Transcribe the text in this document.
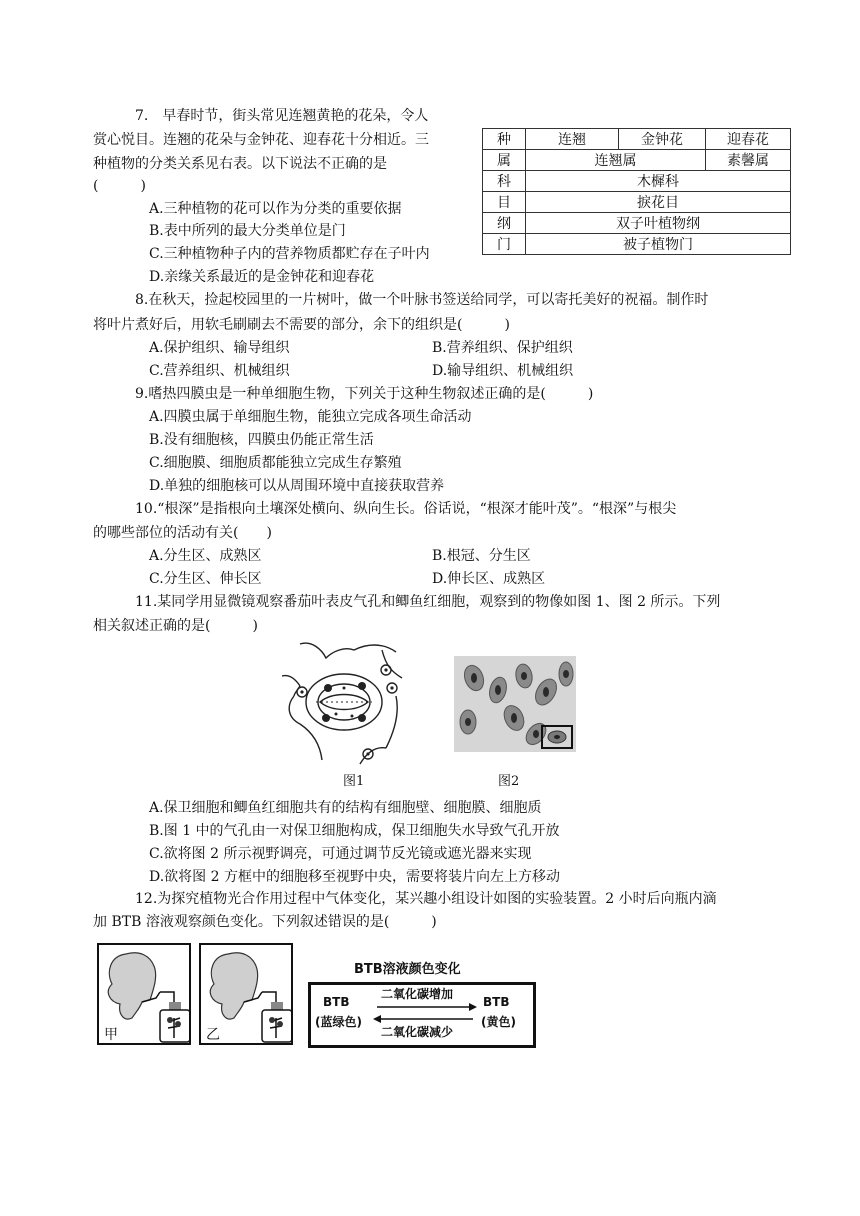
7.　早春时节，街头常见连翘黄艳的花朵，令人
赏心悦目。连翘的花朵与金钟花、迎春花十分相近。三
种植物的分类关系见右表。以下说法不正确的是
(　　　)
A.三种植物的花可以作为分类的重要依据
B.表中所列的最大分类单位是门
C.三种植物种子内的营养物质都贮存在子叶内
D.亲缘关系最近的是金钟花和迎春花
种	连翘	金钟花	迎春花
属	连翘属		素馨属
科	木樨科		
目	捩花目		
纲	双子叶植物纲		
门	被子植物门		
8.在秋天，捡起校园里的一片树叶，做一个叶脉书签送给同学，可以寄托美好的祝福。制作时
将叶片煮好后，用软毛刷刷去不需要的部分，余下的组织是(　　　)
A.保护组织、输导组织	B.营养组织、保护组织
C.营养组织、机械组织	D.输导组织、机械组织
9.嗜热四膜虫是一种单细胞生物，下列关于这种生物叙述正确的是(　　　)
A.四膜虫属于单细胞生物，能独立完成各项生命活动
B.没有细胞核，四膜虫仍能正常生活
C.细胞膜、细胞质都能独立完成生存繁殖
D.单独的细胞核可以从周围环境中直接获取营养
10.“根深”是指根向土壤深处横向、纵向生长。俗话说，“根深才能叶茂”。“根深”与根尖
的哪些部位的活动有关(　　)
A.分生区、成熟区	B.根冠、分生区
C.分生区、伸长区	D.伸长区、成熟区
11.某同学用显微镜观察番茄叶表皮气孔和鲫鱼红细胞，观察到的物像如图 1、图 2 所示。下列
相关叙述正确的是(　　　)
图1	图2
A.保卫细胞和鲫鱼红细胞共有的结构有细胞壁、细胞膜、细胞质
B.图 1 中的气孔由一对保卫细胞构成，保卫细胞失水导致气孔开放
C.欲将图 2 所示视野调亮，可通过调节反光镜或遮光器来实现
D.欲将图 2 方框中的细胞移至视野中央，需要将装片向左上方移动
12.为探究植物光合作用过程中气体变化，某兴趣小组设计如图的实验装置。2 小时后向瓶内滴
加 BTB 溶液观察颜色变化。下列叙述错误的是(　　　)
甲	乙
BTB溶液颜色变化
BTB
(蓝绿色)
二氧化碳增加
二氧化碳减少
BTB
(黄色)
